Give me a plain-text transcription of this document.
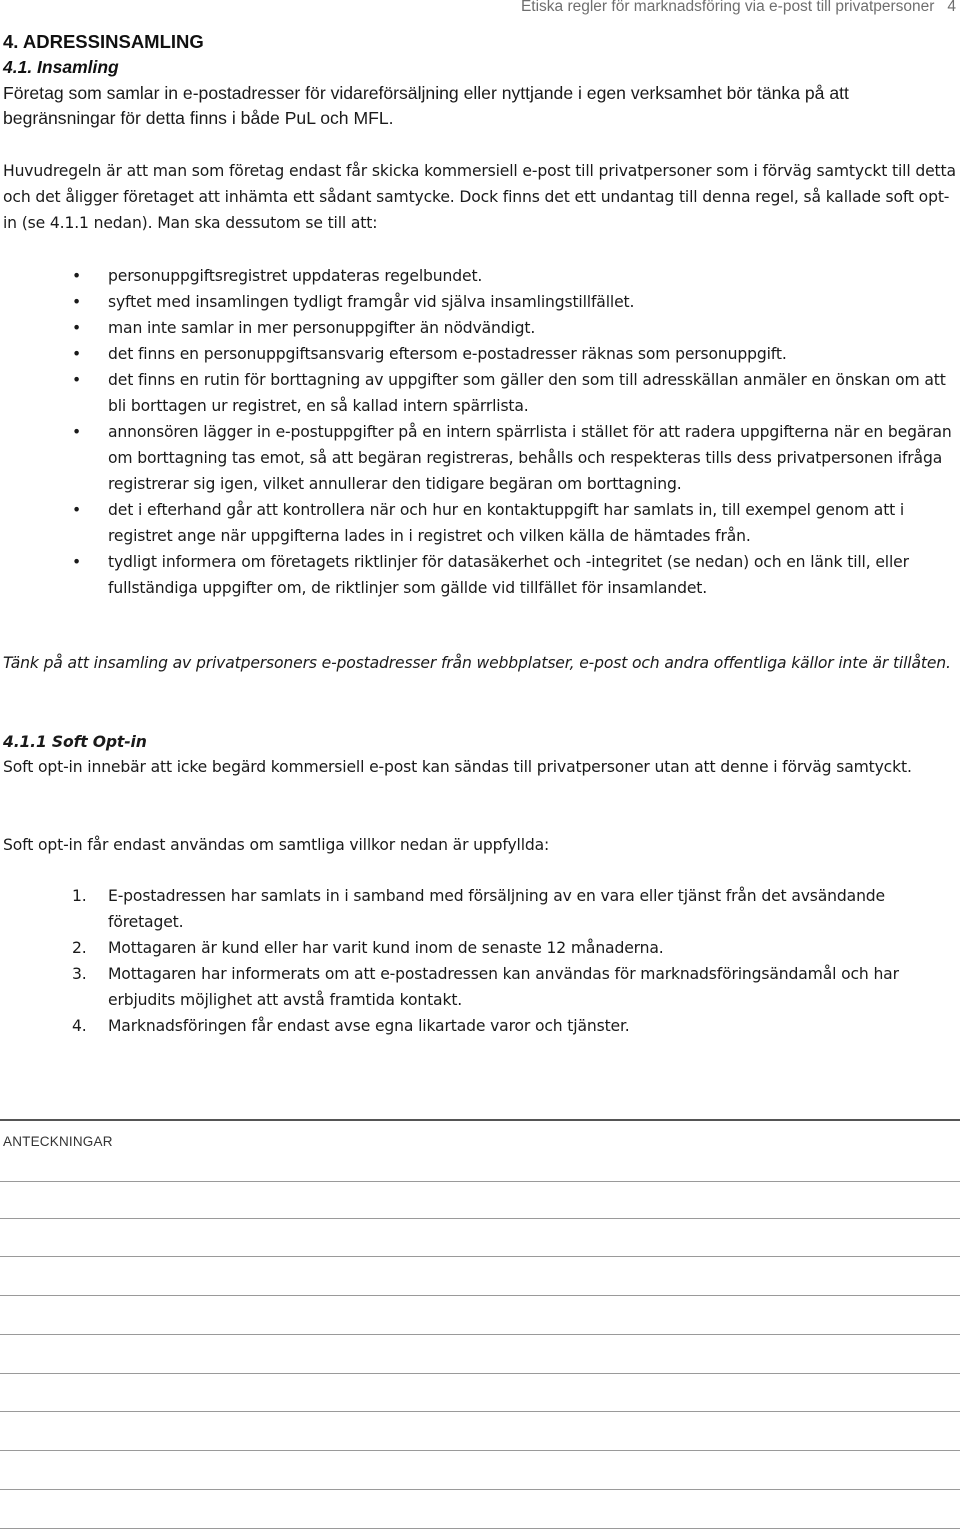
Etiska regler för marknadsföring via e-post till privatpersoner 4
4. ADRESSINSAMLING
4.1. Insamling
Företag som samlar in e-postadresser för vidareförsäljning eller nyttjande i egen verksamhet bör tänka på att begränsningar för detta finns i både PuL och MFL.
Huvudregeln är att man som företag endast får skicka kommersiell e-post till privatpersoner som i förväg samtyckt till detta och det åligger företaget att inhämta ett sådant samtycke. Dock finns det ett undantag till denna regel, så kallade soft opt-in (se 4.1.1 nedan). Man ska dessutom se till att:
• personuppgiftsregistret uppdateras regelbundet.
• syftet med insamlingen tydligt framgår vid själva insamlingstillfället.
• man inte samlar in mer personuppgifter än nödvändigt.
• det finns en personuppgiftsansvarig eftersom e-postadresser räknas som personuppgift.
• det finns en rutin för borttagning av uppgifter som gäller den som till adresskällan anmäler en önskan om att bli borttagen ur registret, en så kallad intern spärrlista.
• annonsören lägger in e-postuppgifter på en intern spärrlista i stället för att radera uppgifterna när en begäran om borttagning tas emot, så att begäran registreras, behålls och respekteras tills dess privatpersonen ifråga registrerar sig igen, vilket annullerar den tidigare begäran om borttagning.
• det i efterhand går att kontrollera när och hur en kontaktuppgift har samlats in, till exempel genom att i registret ange när uppgifterna lades in i registret och vilken källa de hämtades från.
• tydligt informera om företagets riktlinjer för datasäkerhet och -integritet (se nedan) och en länk till, eller fullständiga uppgifter om, de riktlinjer som gällde vid tillfället för insamlandet.
Tänk på att insamling av privatpersoners e-postadresser från webbplatser, e-post och andra offentliga källor inte är tillåten.
4.1.1 Soft Opt-in
Soft opt-in innebär att icke begärd kommersiell e-post kan sändas till privatpersoner utan att denne i förväg samtyckt.
Soft opt-in får endast användas om samtliga villkor nedan är uppfyllda:
1. E-postadressen har samlats in i samband med försäljning av en vara eller tjänst från det avsändande företaget.
2. Mottagaren är kund eller har varit kund inom de senaste 12 månaderna.
3. Mottagaren har informerats om att e-postadressen kan användas för marknadsföringsändamål och har erbjudits möjlighet att avstå framtida kontakt.
4. Marknadsföringen får endast avse egna likartade varor och tjänster.
ANTECKNINGAR
